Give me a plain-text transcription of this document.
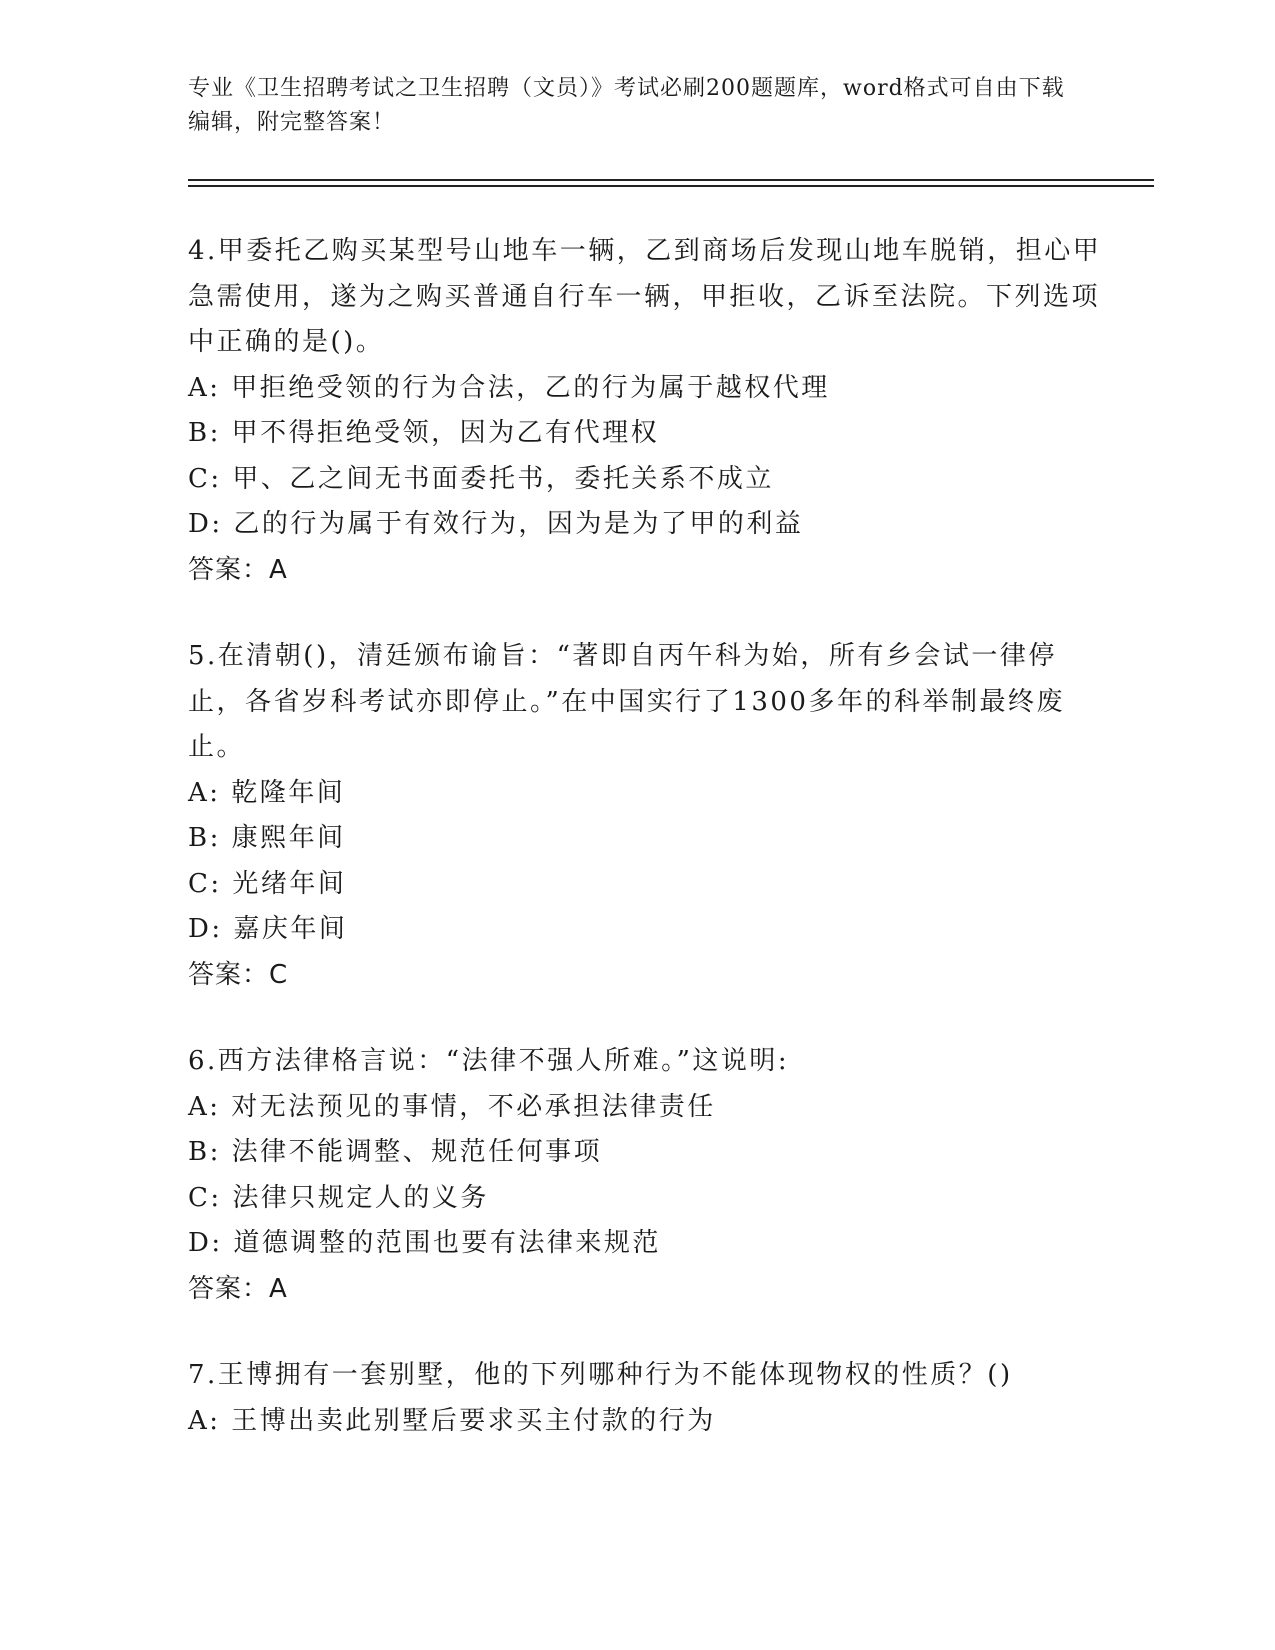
专业《卫生招聘考试之卫生招聘（文员）》考试必刷200题题库，word格式可自由下载编辑，附完整答案！

4.甲委托乙购买某型号山地车一辆，乙到商场后发现山地车脱销，担心甲急需使用，遂为之购买普通自行车一辆，甲拒收，乙诉至法院。下列选项中正确的是()。

A: 甲拒绝受领的行为合法，乙的行为属于越权代理

B: 甲不得拒绝受领，因为乙有代理权

C: 甲、乙之间无书面委托书，委托关系不成立

D: 乙的行为属于有效行为，因为是为了甲的利益

答案：A

5.在清朝()，清廷颁布谕旨：“著即自丙午科为始，所有乡会试一律停止，各省岁科考试亦即停止。”在中国实行了1300多年的科举制最终废止。

A: 乾隆年间

B: 康熙年间

C: 光绪年间

D: 嘉庆年间

答案：C

6.西方法律格言说：“法律不强人所难。”这说明:

A: 对无法预见的事情，不必承担法律责任

B: 法律不能调整、规范任何事项

C: 法律只规定人的义务

D: 道德调整的范围也要有法律来规范

答案：A

7.王博拥有一套别墅，他的下列哪种行为不能体现物权的性质？()

A: 王博出卖此别墅后要求买主付款的行为
